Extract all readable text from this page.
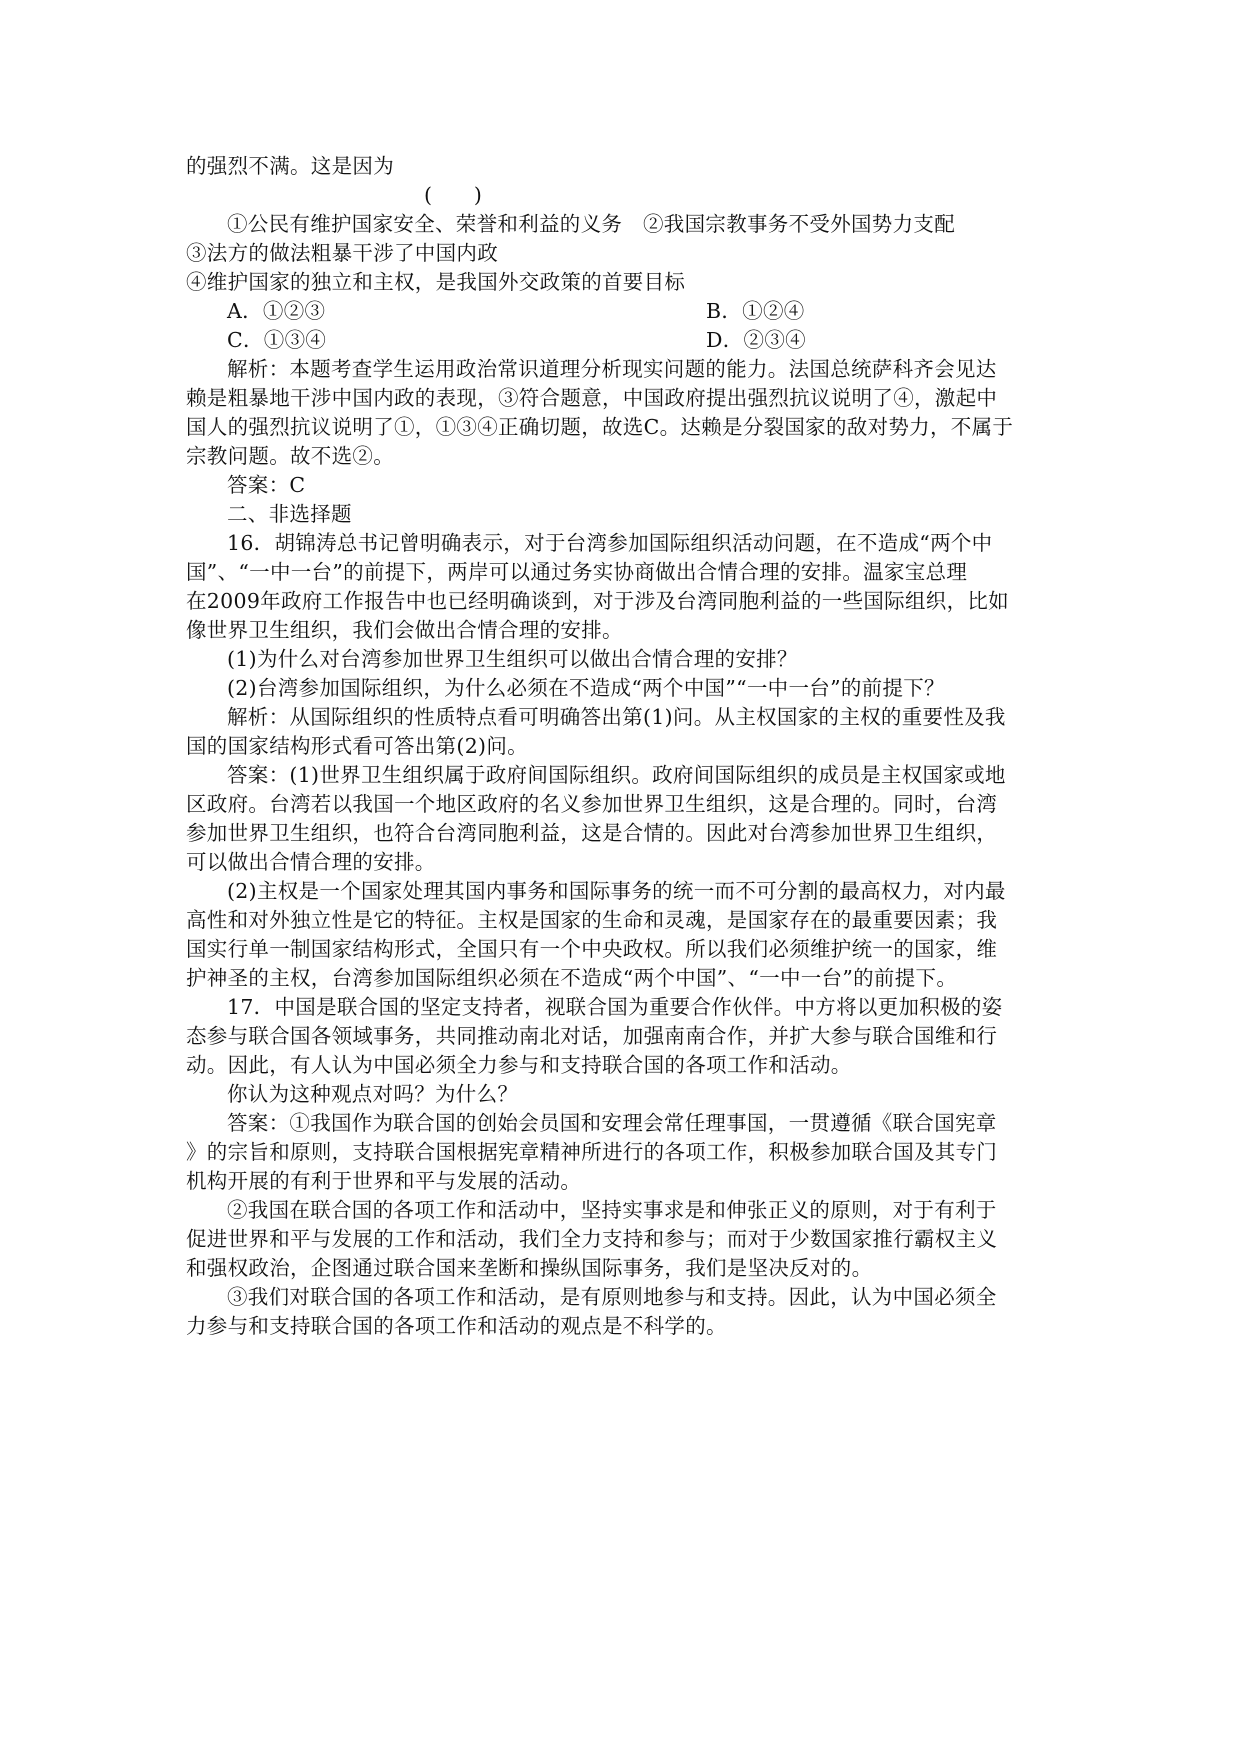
的强烈不满。这是因为
(　　)
①公民有维护国家安全、荣誉和利益的义务　②我国宗教事务不受外国势力支配
③法方的做法粗暴干涉了中国内政
④维护国家的独立和主权，是我国外交政策的首要目标
A．①②③	B．①②④
C．①③④	D．②③④
解析：本题考查学生运用政治常识道理分析现实问题的能力。法国总统萨科齐会见达
赖是粗暴地干涉中国内政的表现，③符合题意，中国政府提出强烈抗议说明了④，激起中
国人的强烈抗议说明了①，①③④正确切题，故选C。达赖是分裂国家的敌对势力，不属于
宗教问题。故不选②。
答案：C
二、非选择题
16．胡锦涛总书记曾明确表示，对于台湾参加国际组织活动问题，在不造成“两个中
国”、“一中一台”的前提下，两岸可以通过务实协商做出合情合理的安排。温家宝总理
在2009年政府工作报告中也已经明确谈到，对于涉及台湾同胞利益的一些国际组织，比如
像世界卫生组织，我们会做出合情合理的安排。
(1)为什么对台湾参加世界卫生组织可以做出合情合理的安排？
(2)台湾参加国际组织，为什么必须在不造成“两个中国”“一中一台”的前提下？
解析：从国际组织的性质特点看可明确答出第(1)问。从主权国家的主权的重要性及我
国的国家结构形式看可答出第(2)问。
答案：(1)世界卫生组织属于政府间国际组织。政府间国际组织的成员是主权国家或地
区政府。台湾若以我国一个地区政府的名义参加世界卫生组织，这是合理的。同时，台湾
参加世界卫生组织，也符合台湾同胞利益，这是合情的。因此对台湾参加世界卫生组织，
可以做出合情合理的安排。
(2)主权是一个国家处理其国内事务和国际事务的统一而不可分割的最高权力，对内最
高性和对外独立性是它的特征。主权是国家的生命和灵魂，是国家存在的最重要因素；我
国实行单一制国家结构形式，全国只有一个中央政权。所以我们必须维护统一的国家，维
护神圣的主权，台湾参加国际组织必须在不造成“两个中国”、“一中一台”的前提下。
17．中国是联合国的坚定支持者，视联合国为重要合作伙伴。中方将以更加积极的姿
态参与联合国各领域事务，共同推动南北对话，加强南南合作，并扩大参与联合国维和行
动。因此，有人认为中国必须全力参与和支持联合国的各项工作和活动。
你认为这种观点对吗？为什么？
答案：①我国作为联合国的创始会员国和安理会常任理事国，一贯遵循《联合国宪章
》的宗旨和原则，支持联合国根据宪章精神所进行的各项工作，积极参加联合国及其专门
机构开展的有利于世界和平与发展的活动。
②我国在联合国的各项工作和活动中，坚持实事求是和伸张正义的原则，对于有利于
促进世界和平与发展的工作和活动，我们全力支持和参与；而对于少数国家推行霸权主义
和强权政治，企图通过联合国来垄断和操纵国际事务，我们是坚决反对的。
③我们对联合国的各项工作和活动，是有原则地参与和支持。因此，认为中国必须全
力参与和支持联合国的各项工作和活动的观点是不科学的。
